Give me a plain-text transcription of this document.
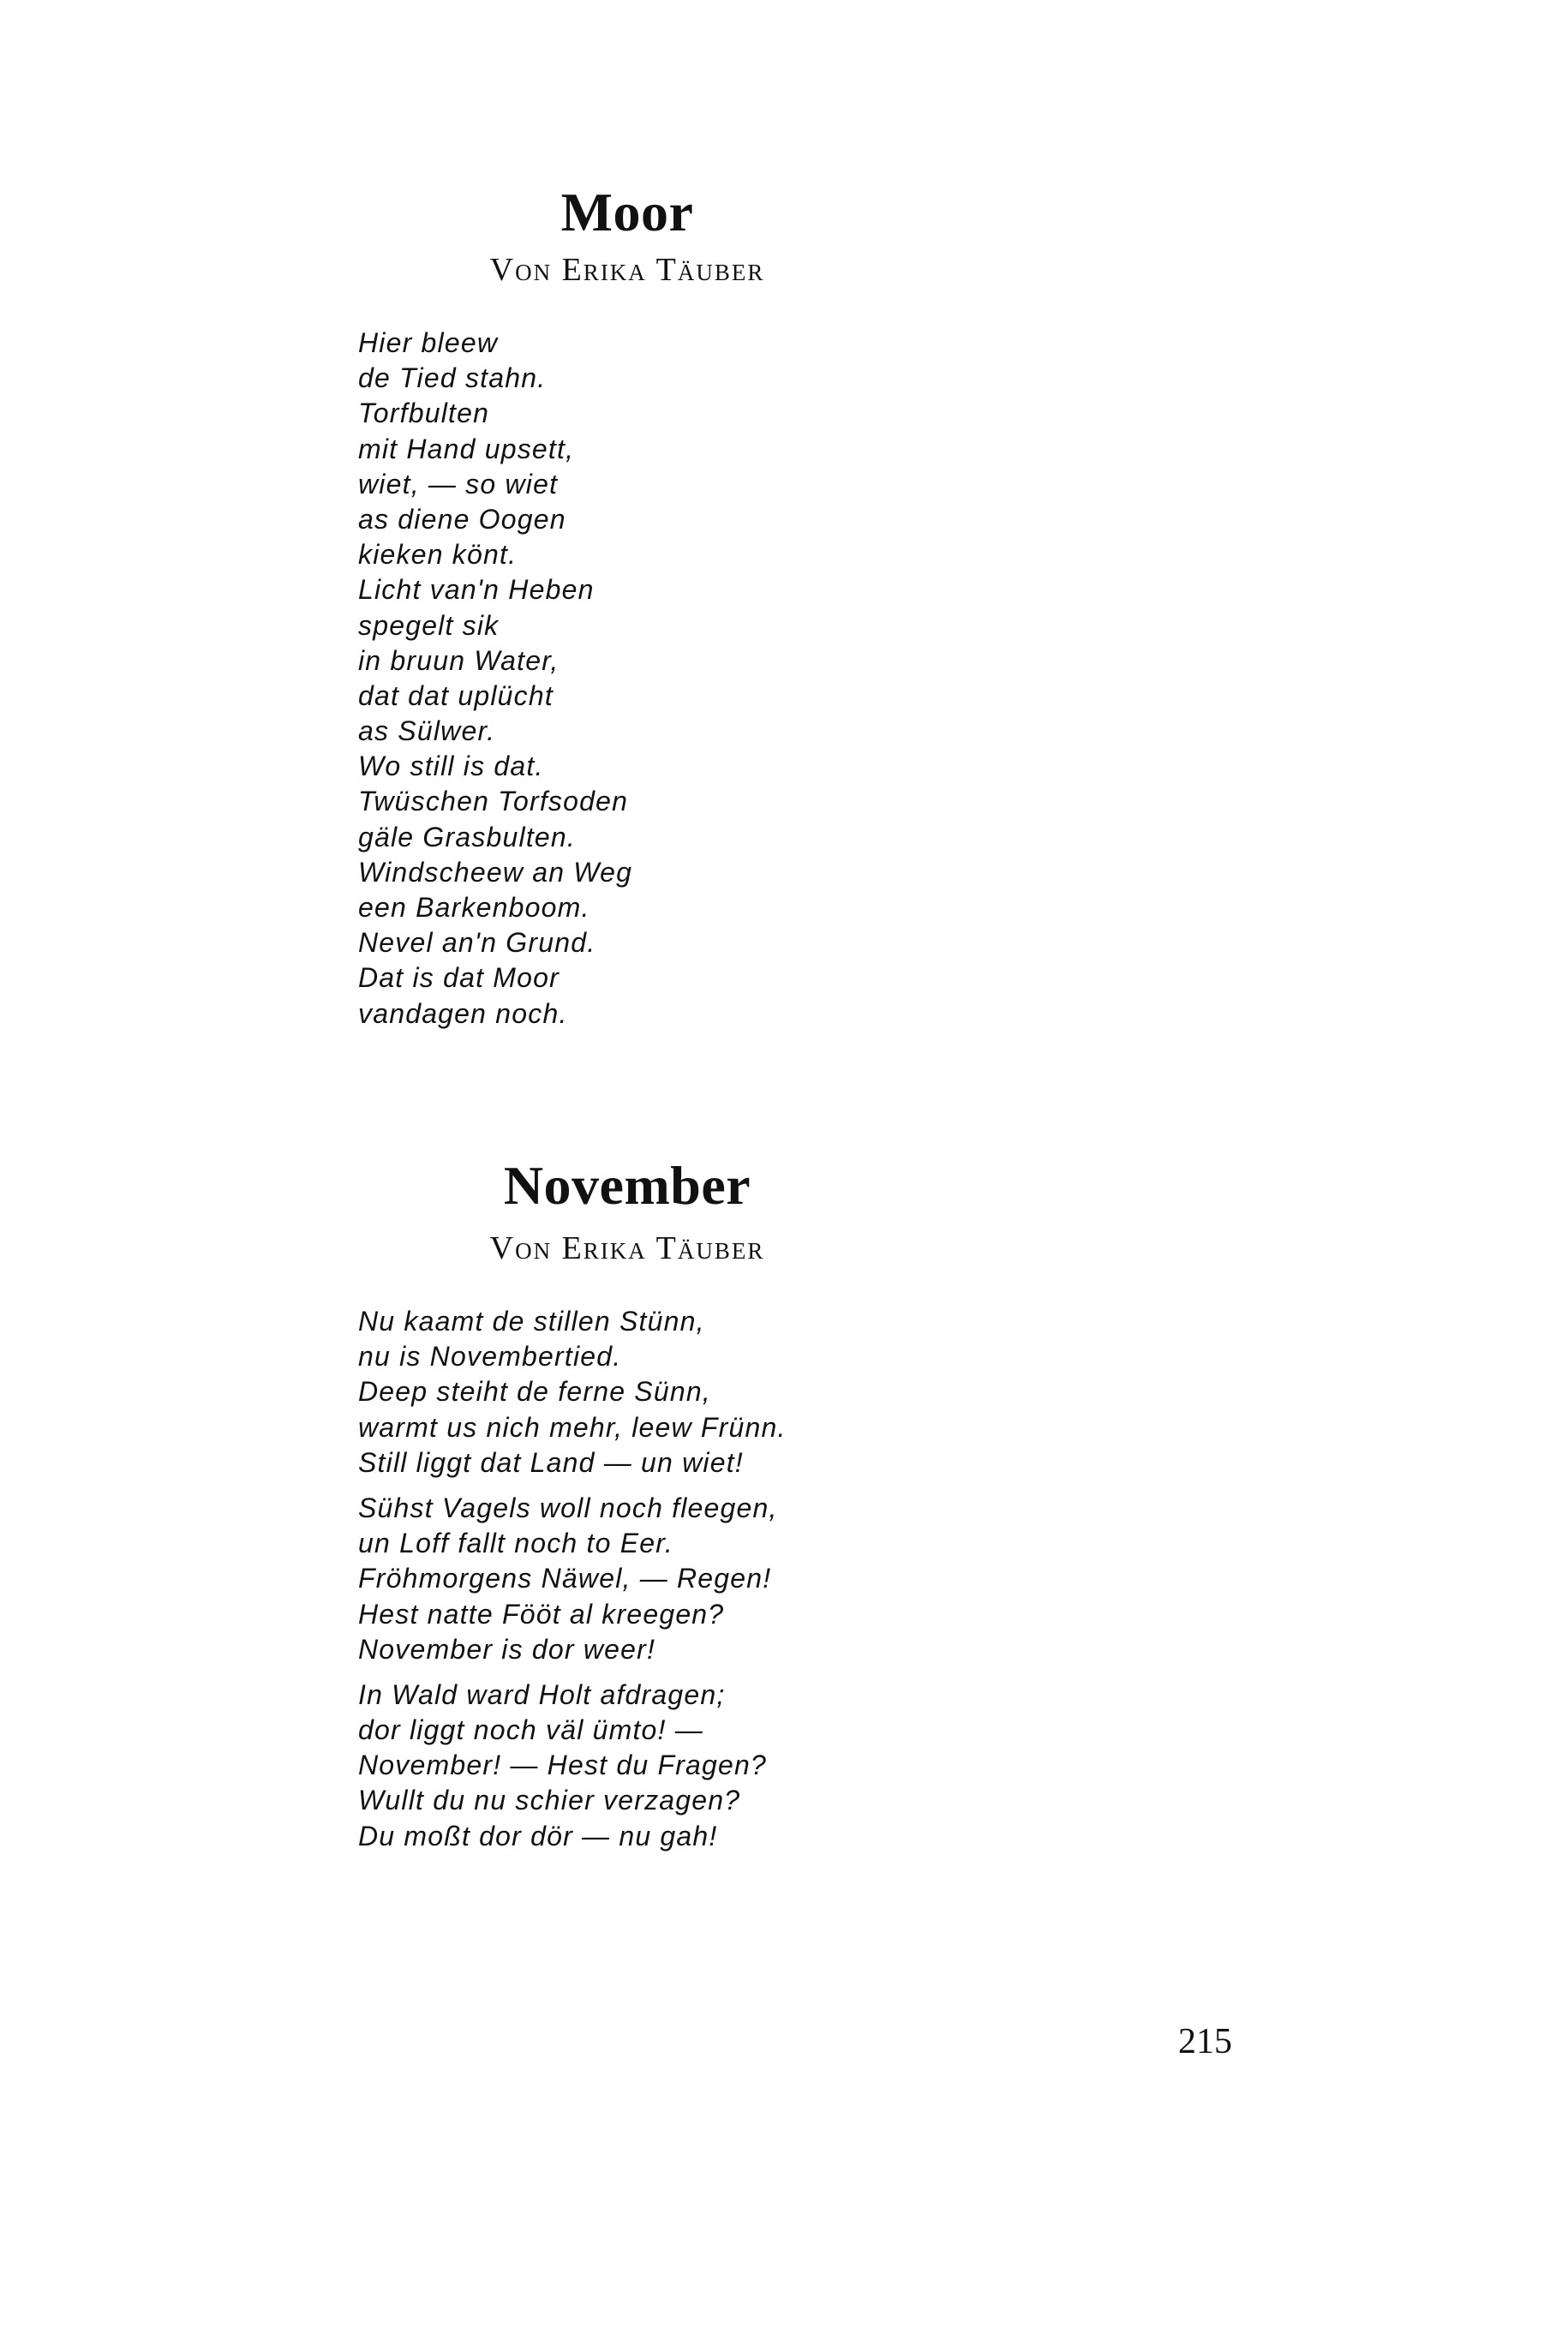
Moor

Von Erika Täuber

Hier bleew
de Tied stahn.
Torfbulten
mit Hand upsett,
wiet, — so wiet
as diene Oogen
kieken könt.
Licht van'n Heben
spegelt sik
in bruun Water,
dat dat uplücht
as Sülwer.
Wo still is dat.
Twüschen Torfsoden
gäle Grasbulten.
Windscheew an Weg
een Barkenboom.
Nevel an'n Grund.
Dat is dat Moor
vandagen noch.
November

Von Erika Täuber

Nu kaamt de stillen Stünn,
nu is Novembertied.
Deep steiht de ferne Sünn,
warmt us nich mehr, leew Frünn.
Still liggt dat Land — un wiet!
Sühst Vagels woll noch fleegen,
un Loff fallt noch to Eer.
Fröhmorgens Näwel, — Regen!
Hest natte Fööt al kreegen?
November is dor weer!
In Wald ward Holt afdragen;
dor liggt noch väl ümto! —
November! — Hest du Fragen?
Wullt du nu schier verzagen?
Du moßt dor dör — nu gah!

215
